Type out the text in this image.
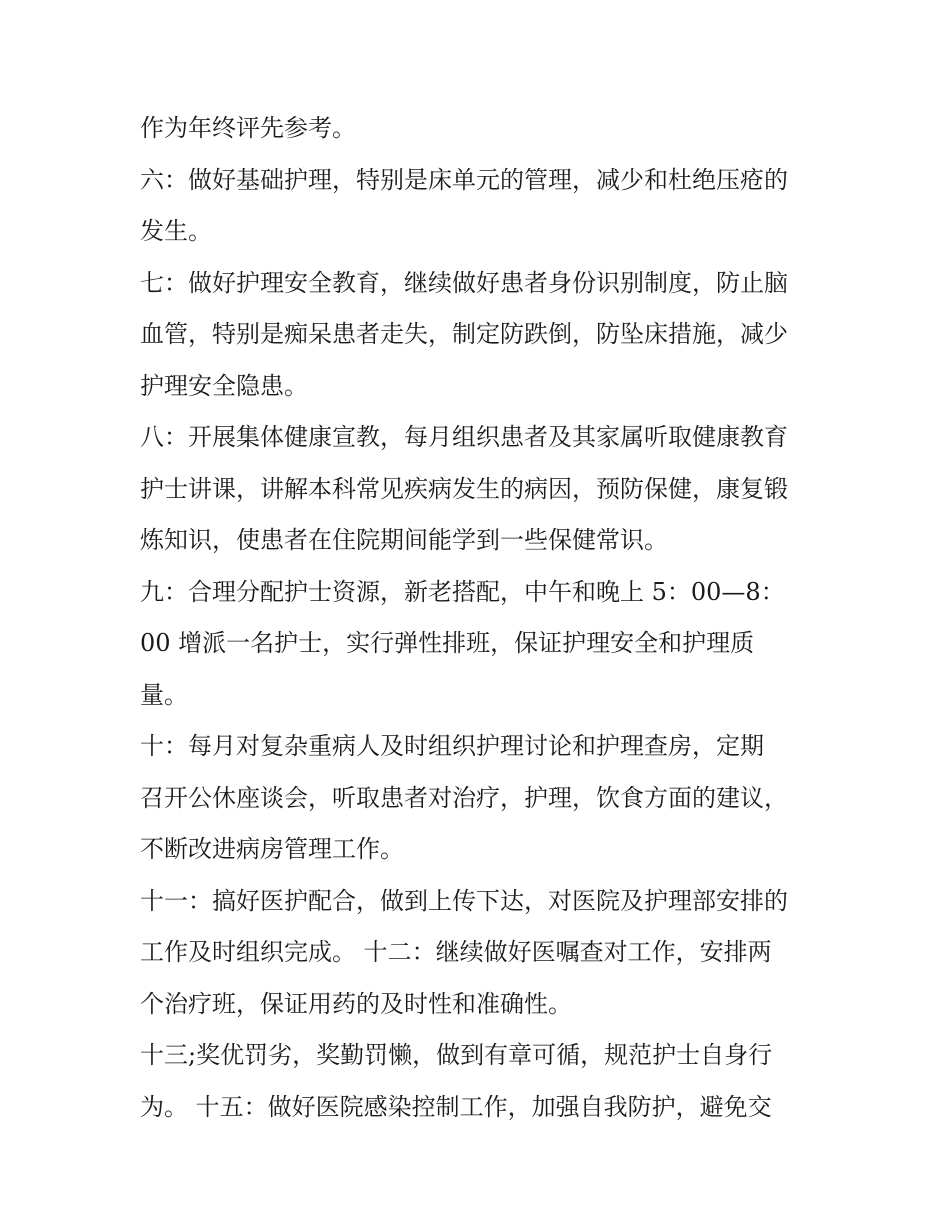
作为年终评先参考。
六：做好基础护理，特别是床单元的管理，减少和杜绝压疮的
发生。
七：做好护理安全教育，继续做好患者身份识别制度，防止脑
血管，特别是痴呆患者走失，制定防跌倒，防坠床措施，减少
护理安全隐患。
八：开展集体健康宣教，每月组织患者及其家属听取健康教育
护士讲课，讲解本科常见疾病发生的病因，预防保健，康复锻
炼知识，使患者在住院期间能学到一些保健常识。
九：合理分配护士资源，新老搭配，中午和晚上 5：00—8：
00 增派一名护士，实行弹性排班，保证护理安全和护理质
量。
十：每月对复杂重病人及时组织护理讨论和护理查房，定期
召开公休座谈会，听取患者对治疗，护理，饮食方面的建议，
不断改进病房管理工作。
十一：搞好医护配合，做到上传下达，对医院及护理部安排的
工作及时组织完成。 十二：继续做好医嘱查对工作，安排两
个治疗班，保证用药的及时性和准确性。
十三;奖优罚劣，奖勤罚懒，做到有章可循，规范护士自身行
为。 十五：做好医院感染控制工作，加强自我防护，避免交
